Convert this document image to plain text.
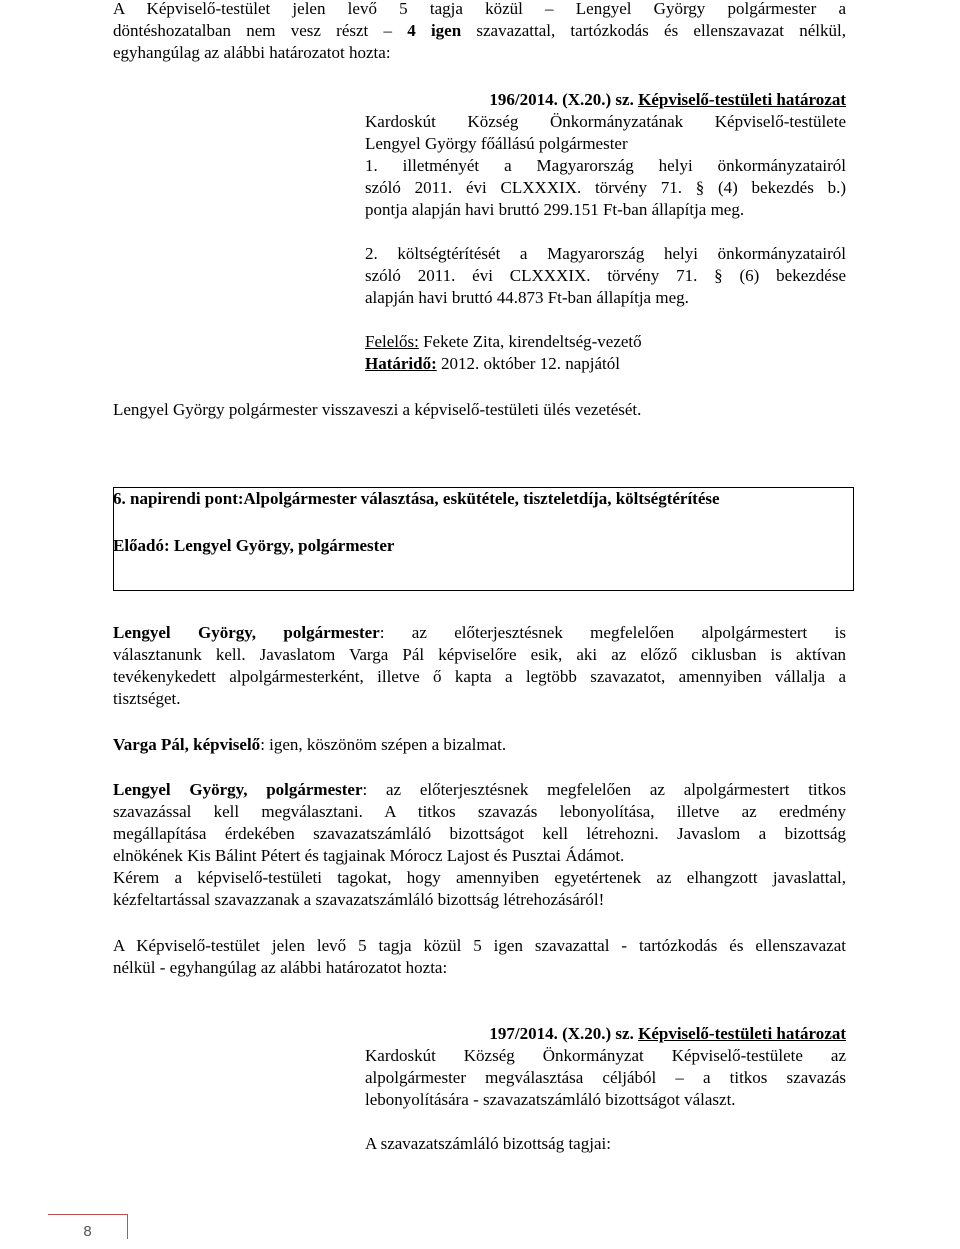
A Képviselő-testület jelen levő 5 tagja közül – Lengyel György polgármester a
döntéshozatalban nem vesz részt – 4 igen szavazattal, tartózkodás és ellenszavazat nélkül,
egyhangúlag az alábbi határozatot hozta:
196/2014. (X.20.) sz. Képviselő-testületi határozat
Kardoskút Község Önkormányzatának Képviselő-testülete
Lengyel György főállású polgármester
1. illetményét a Magyarország helyi önkormányzatairól
szóló 2011. évi CLXXXIX. törvény 71. § (4) bekezdés b.)
pontja alapján havi bruttó 299.151 Ft-ban állapítja meg.
2. költségtérítését a Magyarország helyi önkormányzatairól
szóló 2011. évi CLXXXIX. törvény 71. § (6) bekezdése
alapján havi bruttó 44.873 Ft-ban állapítja meg.
Felelős: Fekete Zita, kirendeltség-vezető
Határidő: 2012. október 12. napjától
Lengyel György polgármester visszaveszi a képviselő-testületi ülés vezetését.
6. napirendi pont:Alpolgármester választása, eskütétele, tiszteletdíja, költségtérítése
Előadó: Lengyel György, polgármester
Lengyel György, polgármester: az előterjesztésnek megfelelően alpolgármestert is
választanunk kell. Javaslatom Varga Pál képviselőre esik, aki az előző ciklusban is aktívan
tevékenykedett alpolgármesterként, illetve ő kapta a legtöbb szavazatot, amennyiben vállalja a
tisztséget.
Varga Pál, képviselő: igen, köszönöm szépen a bizalmat.
Lengyel György, polgármester: az előterjesztésnek megfelelően az alpolgármestert titkos
szavazással kell megválasztani. A titkos szavazás lebonyolítása, illetve az eredmény
megállapítása érdekében szavazatszámláló bizottságot kell létrehozni. Javaslom a bizottság
elnökének Kis Bálint Pétert és tagjainak Mórocz Lajost és Pusztai Ádámot.
Kérem a képviselő-testületi tagokat, hogy amennyiben egyetértenek az elhangzott javaslattal,
kézfeltartással szavazzanak a szavazatszámláló bizottság létrehozásáról!
A Képviselő-testület jelen levő 5 tagja közül 5 igen szavazattal - tartózkodás és ellenszavazat
nélkül - egyhangúlag az alábbi határozatot hozta:
197/2014. (X.20.) sz. Képviselő-testületi határozat
Kardoskút Község Önkormányzat Képviselő-testülete az
alpolgármester megválasztása céljából – a titkos szavazás
lebonyolítására - szavazatszámláló bizottságot választ.
A szavazatszámláló bizottság tagjai:
8
